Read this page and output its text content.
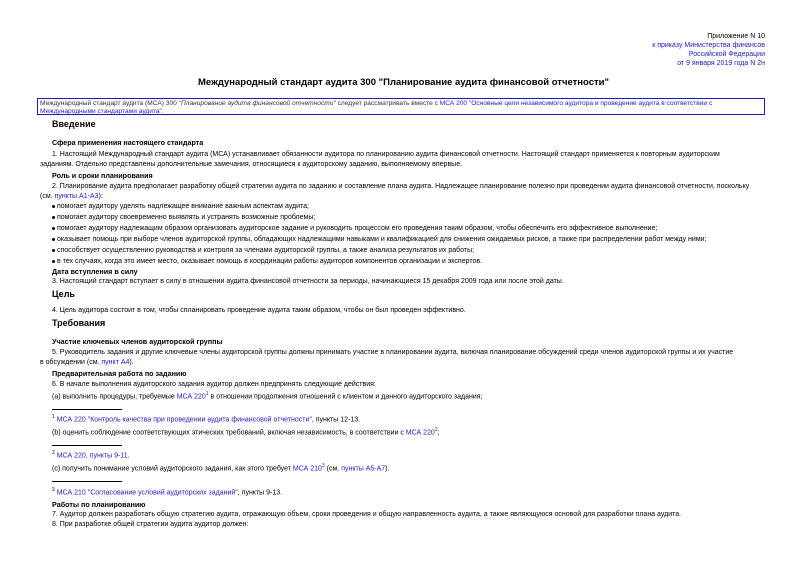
Приложение N 10
к приказу Министерства финансов
Российской Федерации
от 9 января 2019 года N 2н
Международный стандарт аудита 300 "Планирование аудита финансовой отчетности"
Международный стандарт аудита (МСА) 300 "Планирование аудита финансовой отчетности" следует рассматривать вместе с МСА 200 "Основные цели независимого аудитора и проведение аудита в соответствии с Международными стандартами аудита".
Введение
Сфера применения настоящего стандарта
1. Настоящий Международный стандарт аудита (МСА) устанавливает обязанности аудитора по планированию аудита финансовой отчетности. Настоящий стандарт применяется к повторным аудиторским
заданиям. Отдельно представлены дополнительные замечания, относящиеся к аудиторскому заданию, выполняемому впервые.
Роль и сроки планирования
2. Планирование аудита предполагает разработку общей стратегии аудита по заданию и составление плана аудита. Надлежащее планирование полезно при проведении аудита финансовой отчетности, поскольку
(см. пункты А1-А3):
помогает аудитору уделять надлежащее внимание важным аспектам аудита;
помогает аудитору своевременно выявлять и устранять возможные проблемы;
помогает аудитору надлежащим образом организовать аудиторское задание и руководить процессом его проведения таким образом, чтобы обеспечить его эффективное выполнение;
оказывает помощь при выборе членов аудиторской группы, обладающих надлежащими навыками и квалификацией для снижения ожидаемых рисков, а также при распределении работ между ними;
способствует осуществлению руководства и контроля за членами аудиторской группы, а также анализа результатов их работы;
в тех случаях, когда это имеет место, оказывает помощь в координации работы аудиторов компонентов организации и экспертов.
Дата вступления в силу
3. Настоящий стандарт вступает в силу в отношении аудита финансовой отчетности за периоды, начинающиеся 15 декабря 2009 года или после этой даты.
Цель
4. Цель аудитора состоит в том, чтобы спланировать проведение аудита таким образом, чтобы он был проведен эффективно.
Требования
Участие ключевых членов аудиторской группы
5. Руководитель задания и другие ключевые члены аудиторской группы должны принимать участие в планировании аудита, включая планирование обсуждений среди членов аудиторской группы и их участие
в обсуждении (см. пункт А4).
Предварительная работа по заданию
6. В начале выполнения аудиторского задания аудитор должен предпринять следующие действия:
(a) выполнить процедуры, требуемые МСА $220^1$ в отношении продолжения отношений с клиентом и данного аудиторского задания;
$^1$ МСА 220 "Контроль качества при проведении аудита финансовой отчетности", пункты 12-13.
(b) оценить соблюдение соответствующих этических требований, включая независимость, в соответствии с МСА $220^2$;
$^2$ МСА 220, пункты 9-11.
(c) получить понимание условий аудиторского задания, как этого требует МСА $210^3$ (см. пункты А5-А7).
$^3$ МСА 210 "Согласование условий аудиторских заданий", пункты 9-13.
Работы по планированию
7. Аудитор должен разработать общую стратегию аудита, отражающую объем, сроки проведения и общую направленность аудита, а также являющуюся основой для разработки плана аудита.
8. При разработке общей стратегии аудита аудитор должен:
